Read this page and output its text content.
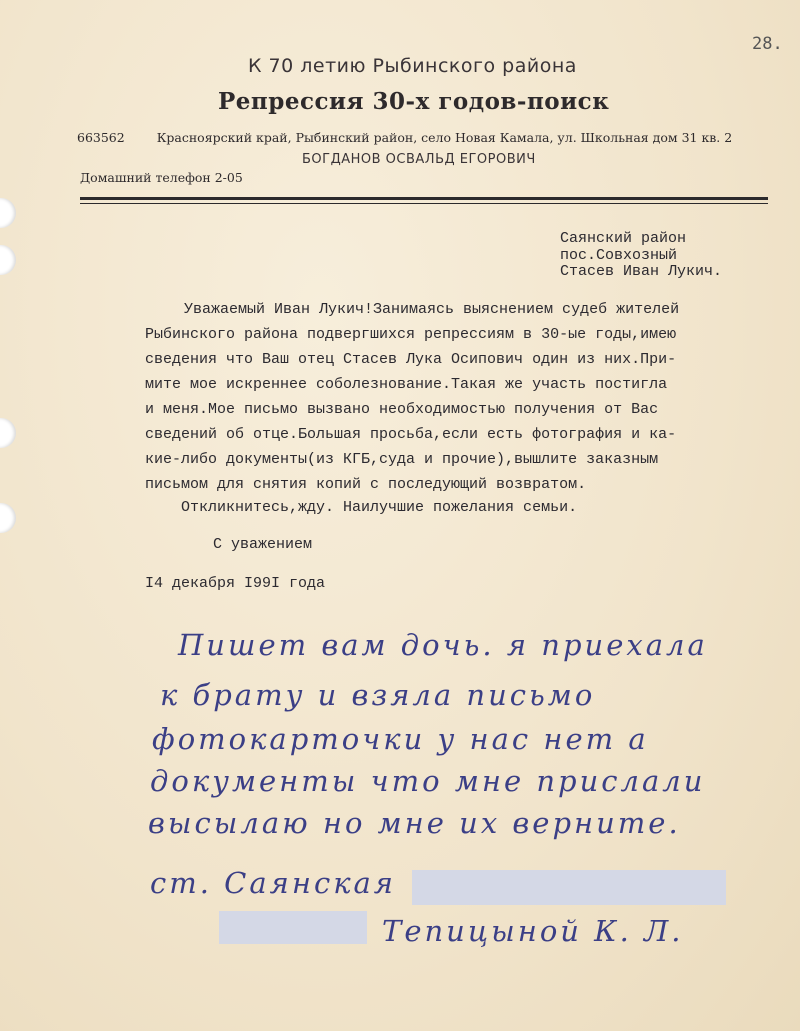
28.
К 70 летию Рыбинского района
Репрессия 30-х годов-поиск
663562	Красноярский край, Рыбинский район, село Новая Камала, ул. Школьная дом 31 кв. 2
БОГДАНОВ ОСВАЛЬД ЕГОРОВИЧ
Домашний телефон 2-05
Саянский район
пос.Совхозный
Стасев Иван Лукич.
Уважаемый Иван Лукич!Занимаясь выяснением судеб жителей
Рыбинского района подвергшихся репрессиям в 30-ые годы,имею
сведения что Ваш отец Стасев Лука Осипович один из них.При-
мите мое искреннее соболезнование.Такая же участь постигла
и меня.Мое письмо вызвано необходимостью получения от Вас
сведений об отце.Большая просьба,если есть фотография и ка-
кие-либо документы(из КГБ,суда и прочие),вышлите заказным
письмом для снятия копий с последующий возвратом.
Откликнитесь,жду. Наилучшие пожелания семьи.
С уважением
I4 декабря I99I года
Пишет вам дочь. я приехала
к брату и взяла письмо
фотокарточки у нас нет а
документы что мне прислали
высылаю но мне их верните.
ст. Саянская
Тепицыной К. Л.
